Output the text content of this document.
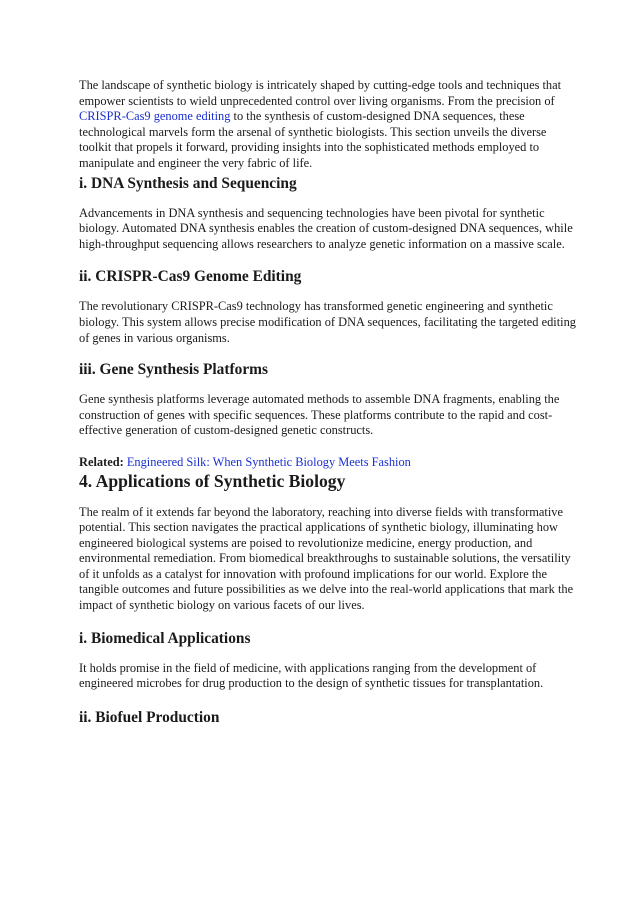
The landscape of synthetic biology is intricately shaped by cutting-edge tools and techniques that empower scientists to wield unprecedented control over living organisms. From the precision of CRISPR-Cas9 genome editing to the synthesis of custom-designed DNA sequences, these technological marvels form the arsenal of synthetic biologists. This section unveils the diverse toolkit that propels it forward, providing insights into the sophisticated methods employed to manipulate and engineer the very fabric of life.

i. DNA Synthesis and Sequencing

Advancements in DNA synthesis and sequencing technologies have been pivotal for synthetic biology. Automated DNA synthesis enables the creation of custom-designed DNA sequences, while high-throughput sequencing allows researchers to analyze genetic information on a massive scale.

ii. CRISPR-Cas9 Genome Editing

The revolutionary CRISPR-Cas9 technology has transformed genetic engineering and synthetic biology. This system allows precise modification of DNA sequences, facilitating the targeted editing of genes in various organisms.

iii. Gene Synthesis Platforms

Gene synthesis platforms leverage automated methods to assemble DNA fragments, enabling the construction of genes with specific sequences. These platforms contribute to the rapid and cost-effective generation of custom-designed genetic constructs.

Related: Engineered Silk: When Synthetic Biology Meets Fashion

4. Applications of Synthetic Biology

The realm of it extends far beyond the laboratory, reaching into diverse fields with transformative potential. This section navigates the practical applications of synthetic biology, illuminating how engineered biological systems are poised to revolutionize medicine, energy production, and environmental remediation. From biomedical breakthroughs to sustainable solutions, the versatility of it unfolds as a catalyst for innovation with profound implications for our world. Explore the tangible outcomes and future possibilities as we delve into the real-world applications that mark the impact of synthetic biology on various facets of our lives.

i. Biomedical Applications

It holds promise in the field of medicine, with applications ranging from the development of engineered microbes for drug production to the design of synthetic tissues for transplantation.

ii. Biofuel Production
